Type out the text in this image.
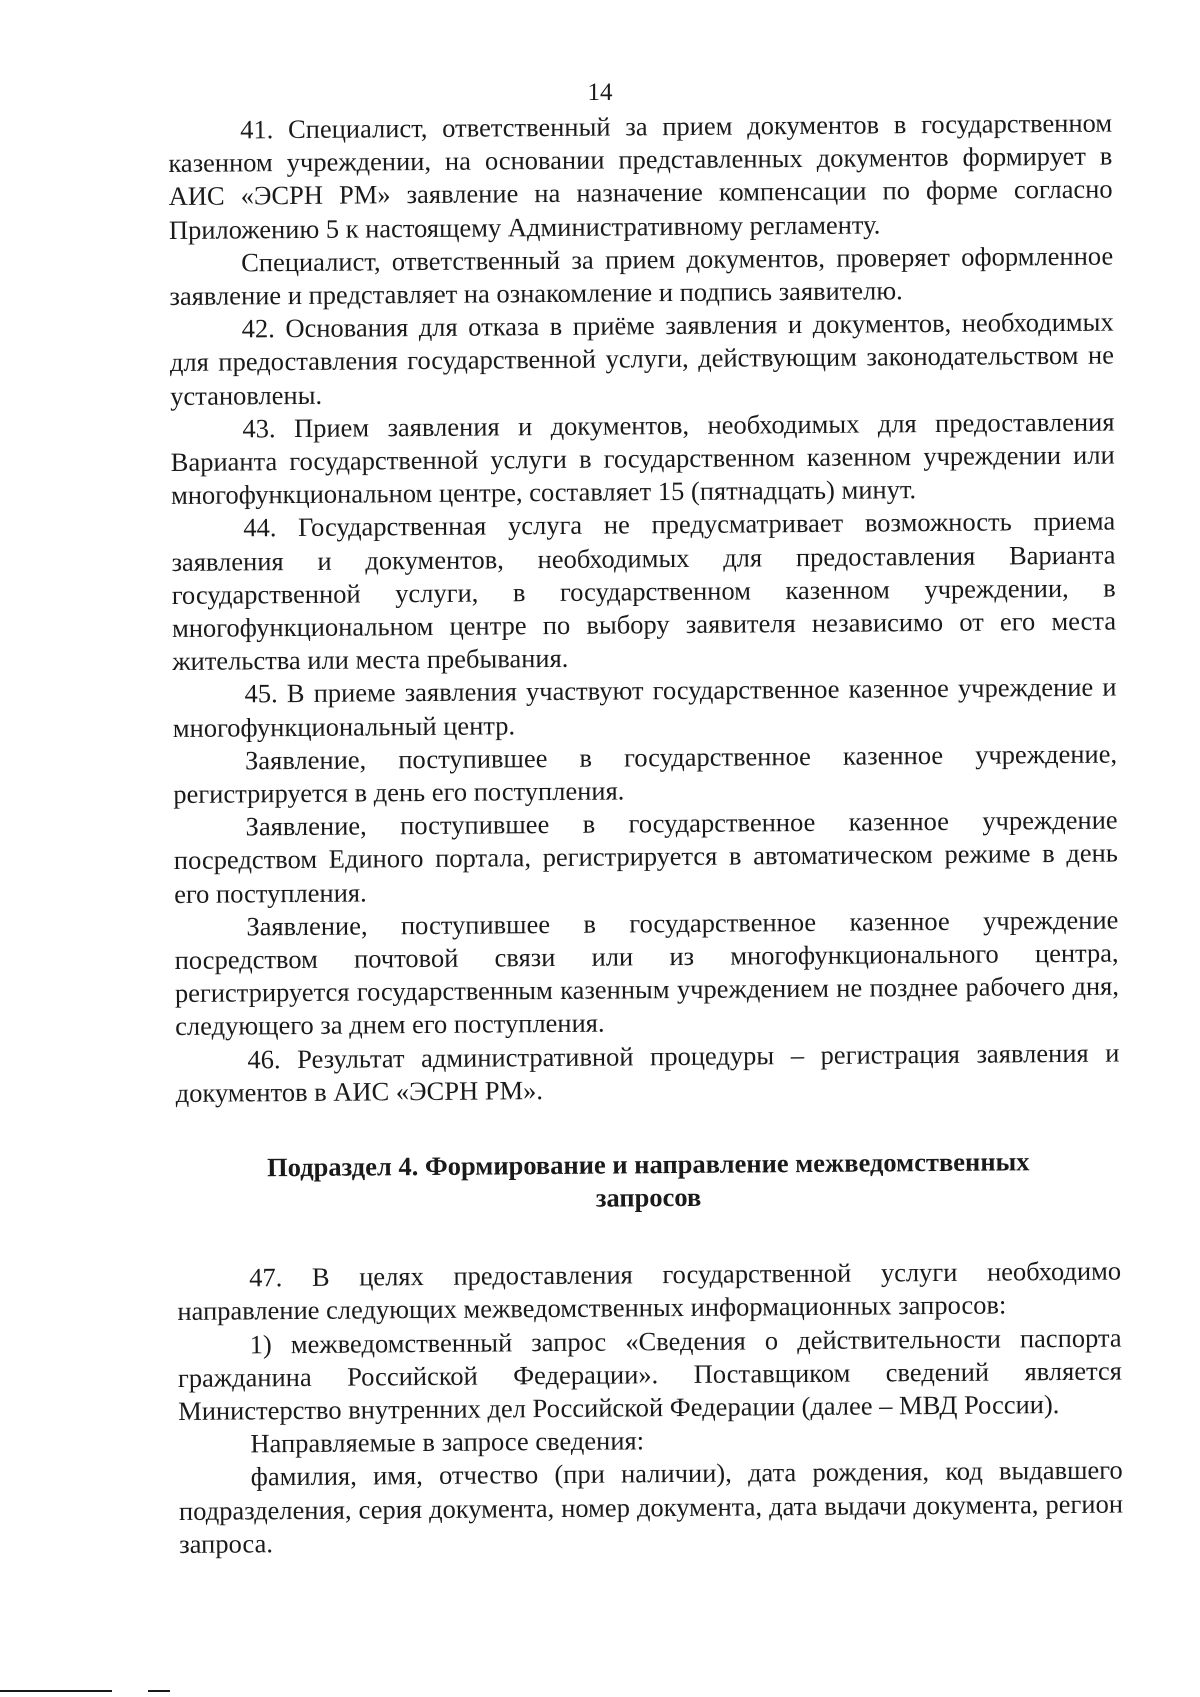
14

41. Специалист, ответственный за прием документов в государственном казенном учреждении, на основании представленных документов формирует в АИС «ЭСРН РМ» заявление на назначение компенсации по форме согласно Приложению 5 к настоящему Административному регламенту.

Специалист, ответственный за прием документов, проверяет оформленное заявление и представляет на ознакомление и подпись заявителю.

42. Основания для отказа в приёме заявления и документов, необходимых для предоставления государственной услуги, действующим законодательством не установлены.

43. Прием заявления и документов, необходимых для предоставления Варианта государственной услуги в государственном казенном учреждении или многофункциональном центре, составляет 15 (пятнадцать) минут.

44. Государственная услуга не предусматривает возможность приема заявления и документов, необходимых для предоставления Варианта государственной услуги, в государственном казенном учреждении, в многофункциональном центре по выбору заявителя независимо от его места жительства или места пребывания.

45. В приеме заявления участвуют государственное казенное учреждение и многофункциональный центр.

Заявление, поступившее в государственное казенное учреждение, регистрируется в день его поступления.

Заявление, поступившее в государственное казенное учреждение посредством Единого портала, регистрируется в автоматическом режиме в день его поступления.

Заявление, поступившее в государственное казенное учреждение посредством почтовой связи или из многофункционального центра, регистрируется государственным казенным учреждением не позднее рабочего дня, следующего за днем его поступления.

46. Результат административной процедуры – регистрация заявления и документов в АИС «ЭСРН РМ».

Подраздел 4. Формирование и направление межведомственных запросов

47. В целях предоставления государственной услуги необходимо направление следующих межведомственных информационных запросов:

1) межведомственный запрос «Сведения о действительности паспорта гражданина Российской Федерации». Поставщиком сведений является Министерство внутренних дел Российской Федерации (далее – МВД России).

Направляемые в запросе сведения:

фамилия, имя, отчество (при наличии), дата рождения, код выдавшего подразделения, серия документа, номер документа, дата выдачи документа, регион запроса.
